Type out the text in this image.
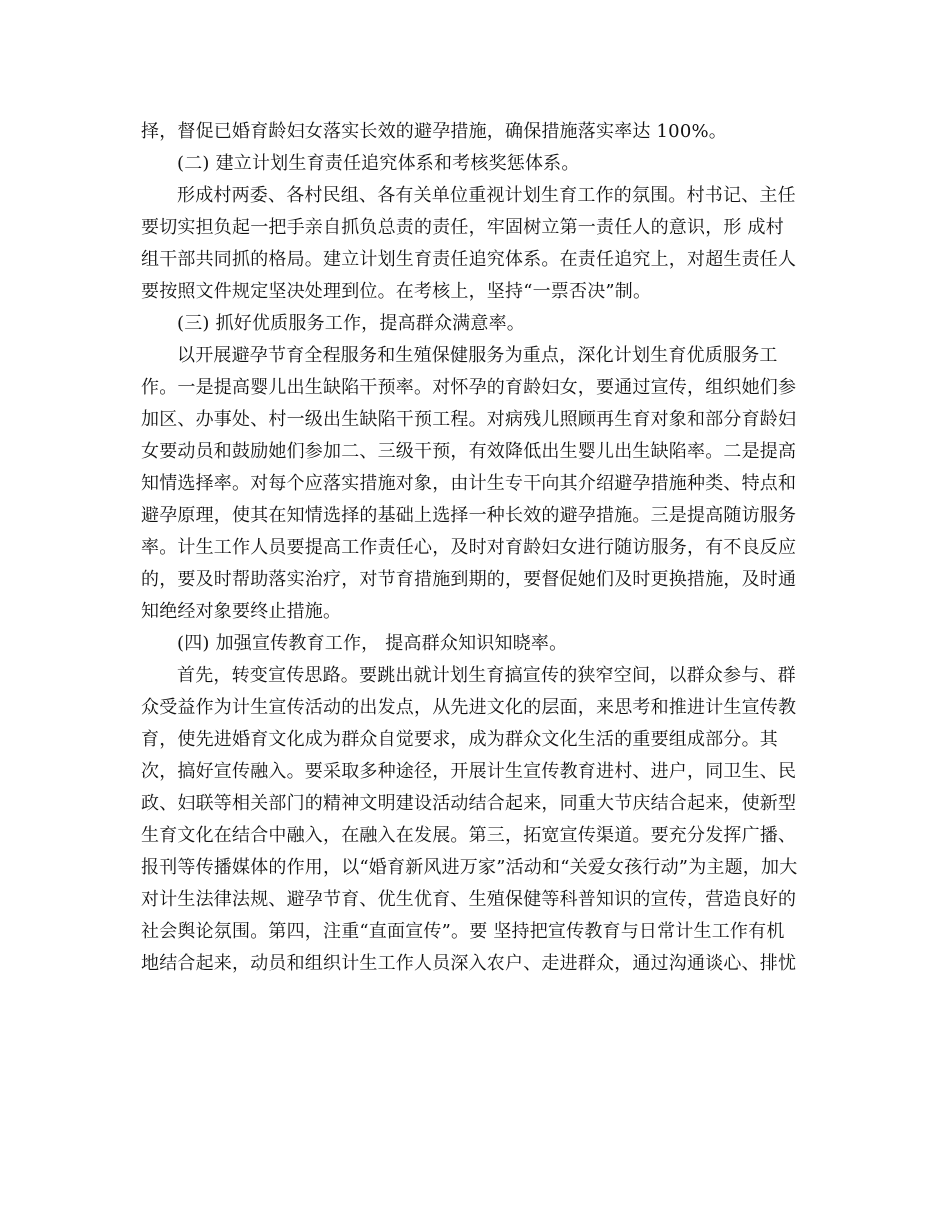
择，督促已婚育龄妇女落实长效的避孕措施，确保措施落实率达 100%。
(二) 建立计划生育责任追究体系和考核奖惩体系。
形成村两委、各村民组、各有关单位重视计划生育工作的氛围。村书记、主任
要切实担负起一把手亲自抓负总责的责任，牢固树立第一责任人的意识，形 成村
组干部共同抓的格局。建立计划生育责任追究体系。在责任追究上，对超生责任人
要按照文件规定坚决处理到位。在考核上，坚持“一票否决”制。
(三) 抓好优质服务工作，提高群众满意率。
以开展避孕节育全程服务和生殖保健服务为重点，深化计划生育优质服务工
作。一是提高婴儿出生缺陷干预率。对怀孕的育龄妇女，要通过宣传，组织她们参
加区、办事处、村一级出生缺陷干预工程。对病残儿照顾再生育对象和部分育龄妇
女要动员和鼓励她们参加二、三级干预，有效降低出生婴儿出生缺陷率。二是提高
知情选择率。对每个应落实措施对象，由计生专干向其介绍避孕措施种类、特点和
避孕原理，使其在知情选择的基础上选择一种长效的避孕措施。三是提高随访服务
率。计生工作人员要提高工作责任心，及时对育龄妇女进行随访服务，有不良反应
的，要及时帮助落实治疗，对节育措施到期的，要督促她们及时更换措施，及时通
知绝经对象要终止措施。
(四) 加强宣传教育工作， 提高群众知识知晓率。
首先，转变宣传思路。要跳出就计划生育搞宣传的狭窄空间，以群众参与、群
众受益作为计生宣传活动的出发点，从先进文化的层面，来思考和推进计生宣传教
育，使先进婚育文化成为群众自觉要求，成为群众文化生活的重要组成部分。其
次，搞好宣传融入。要采取多种途径，开展计生宣传教育进村、进户，同卫生、民
政、妇联等相关部门的精神文明建设活动结合起来，同重大节庆结合起来，使新型
生育文化在结合中融入，在融入在发展。第三，拓宽宣传渠道。要充分发挥广播、
报刊等传播媒体的作用，以“婚育新风进万家”活动和“关爱女孩行动”为主题，加大
对计生法律法规、避孕节育、优生优育、生殖保健等科普知识的宣传，营造良好的
社会舆论氛围。第四，注重“直面宣传”。要 坚持把宣传教育与日常计生工作有机
地结合起来，动员和组织计生工作人员深入农户、走进群众，通过沟通谈心、排忧
